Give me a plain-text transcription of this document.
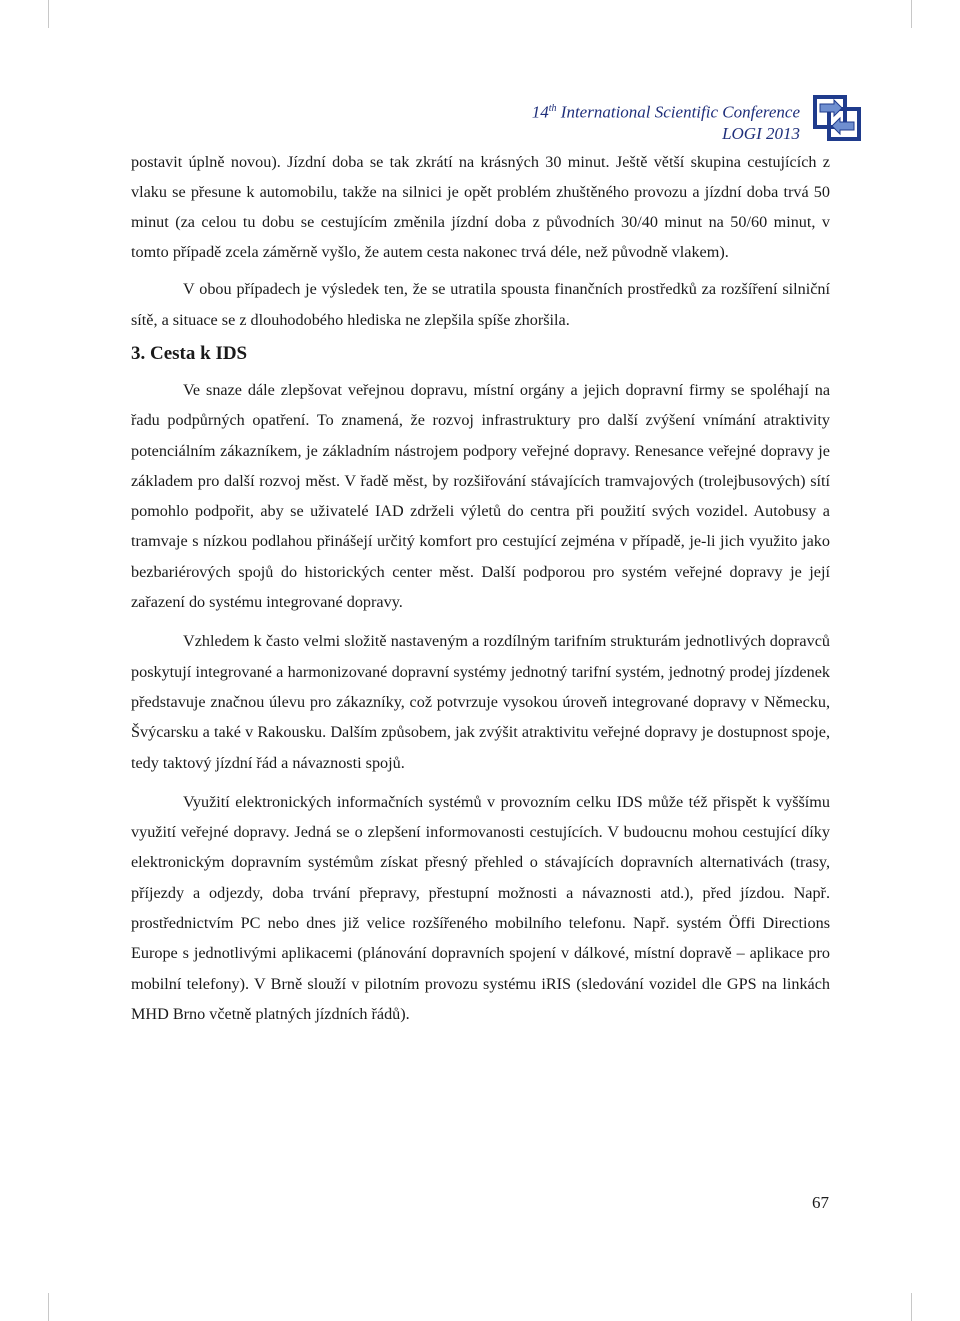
14th International Scientific Conference
LOGI 2013

postavit úplně novou). Jízdní doba se tak zkrátí na krásných 30 minut. Ještě větší skupina cestujících z vlaku se přesune k automobilu, takže na silnici je opět problém zhuštěného provozu a jízdní doba trvá 50 minut (za celou tu dobu se cestujícím změnila jízdní doba z původních 30/40 minut na 50/60 minut, v tomto případě zcela záměrně vyšlo, že autem cesta nakonec trvá déle, než původně vlakem).

V obou případech je výsledek ten, že se utratila spousta finančních prostředků za rozšíření silniční sítě, a situace se z dlouhodobého hlediska ne zlepšila spíše zhoršila.

3. Cesta k IDS

Ve snaze dále zlepšovat veřejnou dopravu, místní orgány a jejich dopravní firmy se spoléhají na řadu podpůrných opatření. To znamená, že rozvoj infrastruktury pro další zvýšení vnímání atraktivity potenciálním zákazníkem, je základním nástrojem podpory veřejné dopravy. Renesance veřejné dopravy je základem pro další rozvoj měst. V řadě měst, by rozšiřování stávajících tramvajových (trolejbusových) sítí pomohlo podpořit, aby se uživatelé IAD zdrželi výletů do centra při použití svých vozidel. Autobusy a tramvaje s nízkou podlahou přinášejí určitý komfort pro cestující zejména v případě, je-li jich využito jako bezbariérových spojů do historických center měst. Další podporou pro systém veřejné dopravy je její zařazení do systému integrované dopravy.

Vzhledem k často velmi složitě nastaveným a rozdílným tarifním strukturám jednotlivých dopravců poskytují integrované a harmonizované dopravní systémy jednotný tarifní systém, jednotný prodej jízdenek představuje značnou úlevu pro zákazníky, což potvrzuje vysokou úroveň integrované dopravy v Německu, Švýcarsku a také v Rakousku. Dalším způsobem, jak zvýšit atraktivitu veřejné dopravy je dostupnost spoje, tedy taktový jízdní řád a návaznosti spojů.

Využití elektronických informačních systémů v provozním celku IDS může též přispět k vyššímu využití veřejné dopravy. Jedná se o zlepšení informovanosti cestujících. V budoucnu mohou cestující díky elektronickým dopravním systémům získat přesný přehled o stávajících dopravních alternativách (trasy, příjezdy a odjezdy, doba trvání přepravy, přestupní možnosti a návaznosti atd.), před jízdou. Např. prostřednictvím PC nebo dnes již velice rozšířeného mobilního telefonu. Např. systém Öffi Directions Europe s jednotlivými aplikacemi (plánování dopravních spojení v dálkové, místní dopravě – aplikace pro mobilní telefony). V Brně slouží v pilotním provozu systému iRIS (sledování vozidel dle GPS na linkách MHD Brno včetně platných jízdních řádů).

67
